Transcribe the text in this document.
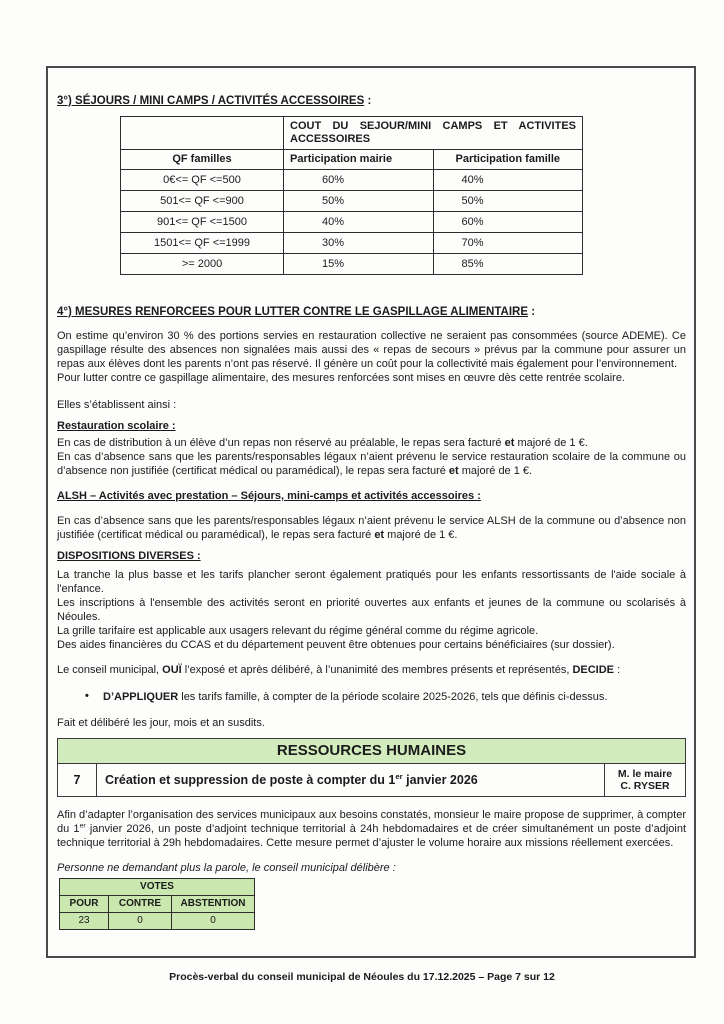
3°) SÉJOURS / MINI CAMPS / ACTIVITÉS ACCESSOIRES :
	COUT DU SEJOUR/MINI CAMPS ET ACTIVITES ACCESSOIRES	
QF familles	Participation mairie	Participation famille
0€<= QF <=500	60%	40%
501<= QF <=900	50%	50%
901<= QF <=1500	40%	60%
1501<= QF <=1999	30%	70%
>= 2000	15%	85%
4°) MESURES RENFORCEES POUR LUTTER CONTRE LE GASPILLAGE ALIMENTAIRE :
On estime qu’environ 30 % des portions servies en restauration collective ne seraient pas consommées (source ADEME). Ce gaspillage résulte des absences non signalées mais aussi des « repas de secours » prévus par la commune pour assurer un repas aux élèves dont les parents n’ont pas réservé. Il génère un coût pour la collectivité mais également pour l’environnement.
Pour lutter contre ce gaspillage alimentaire, des mesures renforcées sont mises en œuvre dès cette rentrée scolaire.
Elles s’établissent ainsi :
Restauration scolaire :
En cas de distribution à un élève d’un repas non réservé au préalable, le repas sera facturé et majoré de 1 €.
En cas d’absence sans que les parents/responsables légaux n’aient prévenu le service restauration scolaire de la commune ou d’absence non justifiée (certificat médical ou paramédical), le repas sera facturé et majoré de 1 €.
ALSH – Activités avec prestation – Séjours, mini-camps et activités accessoires :
En cas d’absence sans que les parents/responsables légaux n’aient prévenu le service ALSH de la commune ou d’absence non justifiée (certificat médical ou paramédical), le repas sera facturé et majoré de 1 €.
DISPOSITIONS DIVERSES :
La tranche la plus basse et les tarifs plancher seront également pratiqués pour les enfants ressortissants de l'aide sociale à l'enfance.
Les inscriptions à l'ensemble des activités seront en priorité ouvertes aux enfants et jeunes de la commune ou scolarisés à Néoules.
La grille tarifaire est applicable aux usagers relevant du régime général comme du régime agricole.
Des aides financières du CCAS et du département peuvent être obtenues pour certains bénéficiaires (sur dossier).
Le conseil municipal, OUÏ l’exposé et après délibéré, à l’unanimité des membres présents et représentés, DECIDE :
• D’APPLIQUER les tarifs famille, à compter de la période scolaire 2025-2026, tels que définis ci-dessus.
Fait et délibéré les jour, mois et an susdits.
RESSOURCES HUMAINES
7	Création et suppression de poste à compter du 1er janvier 2026	M. le maire
C. RYSER
Afin d’adapter l’organisation des services municipaux aux besoins constatés, monsieur le maire propose de supprimer, à compter du 1er janvier 2026, un poste d’adjoint technique territorial à 24h hebdomadaires et de créer simultanément un poste d’adjoint technique territorial à 29h hebdomadaires. Cette mesure permet d’ajuster le volume horaire aux missions réellement exercées.
Personne ne demandant plus la parole, le conseil municipal délibère :
VOTES		
POUR	CONTRE	ABSTENTION
23	0	0
Procès-verbal du conseil municipal de Néoules du 17.12.2025 – Page 7 sur 12
